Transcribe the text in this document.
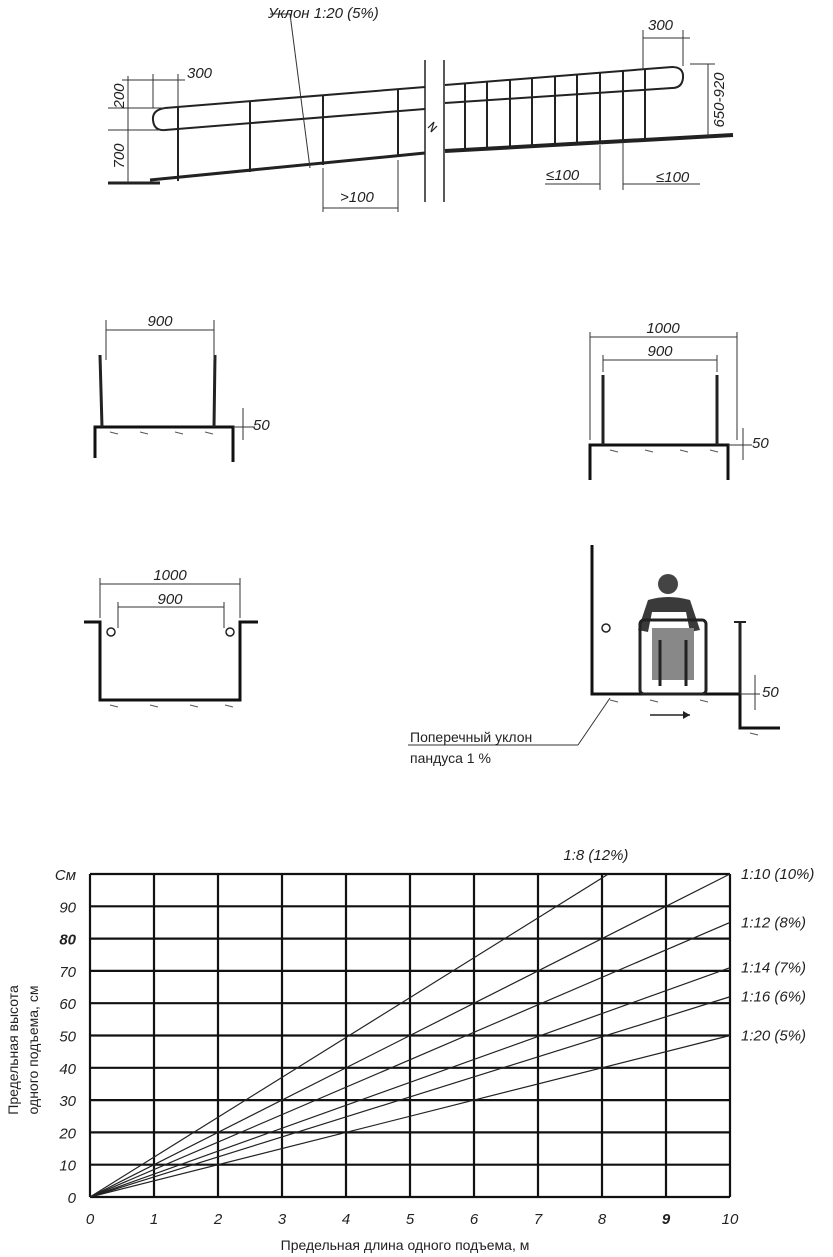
Уклон 1:20 (5%)
200
700
300
300
650-920
>100
≤100	≤100
900
50
1000
900
50
1000
900
50
Поперечный уклон
пандуса 1 %
0	1	2	3	4	5	6	7	8	9	10
0
10
20
30
40
50
60
70
80
90
См
1:8 (12%)
1:10 (10%)
1:12 (8%)
1:14 (7%)
1:16 (6%)
1:20 (5%)
Предельная длина одного подъема, м
Предельная высота одного подъема, см
